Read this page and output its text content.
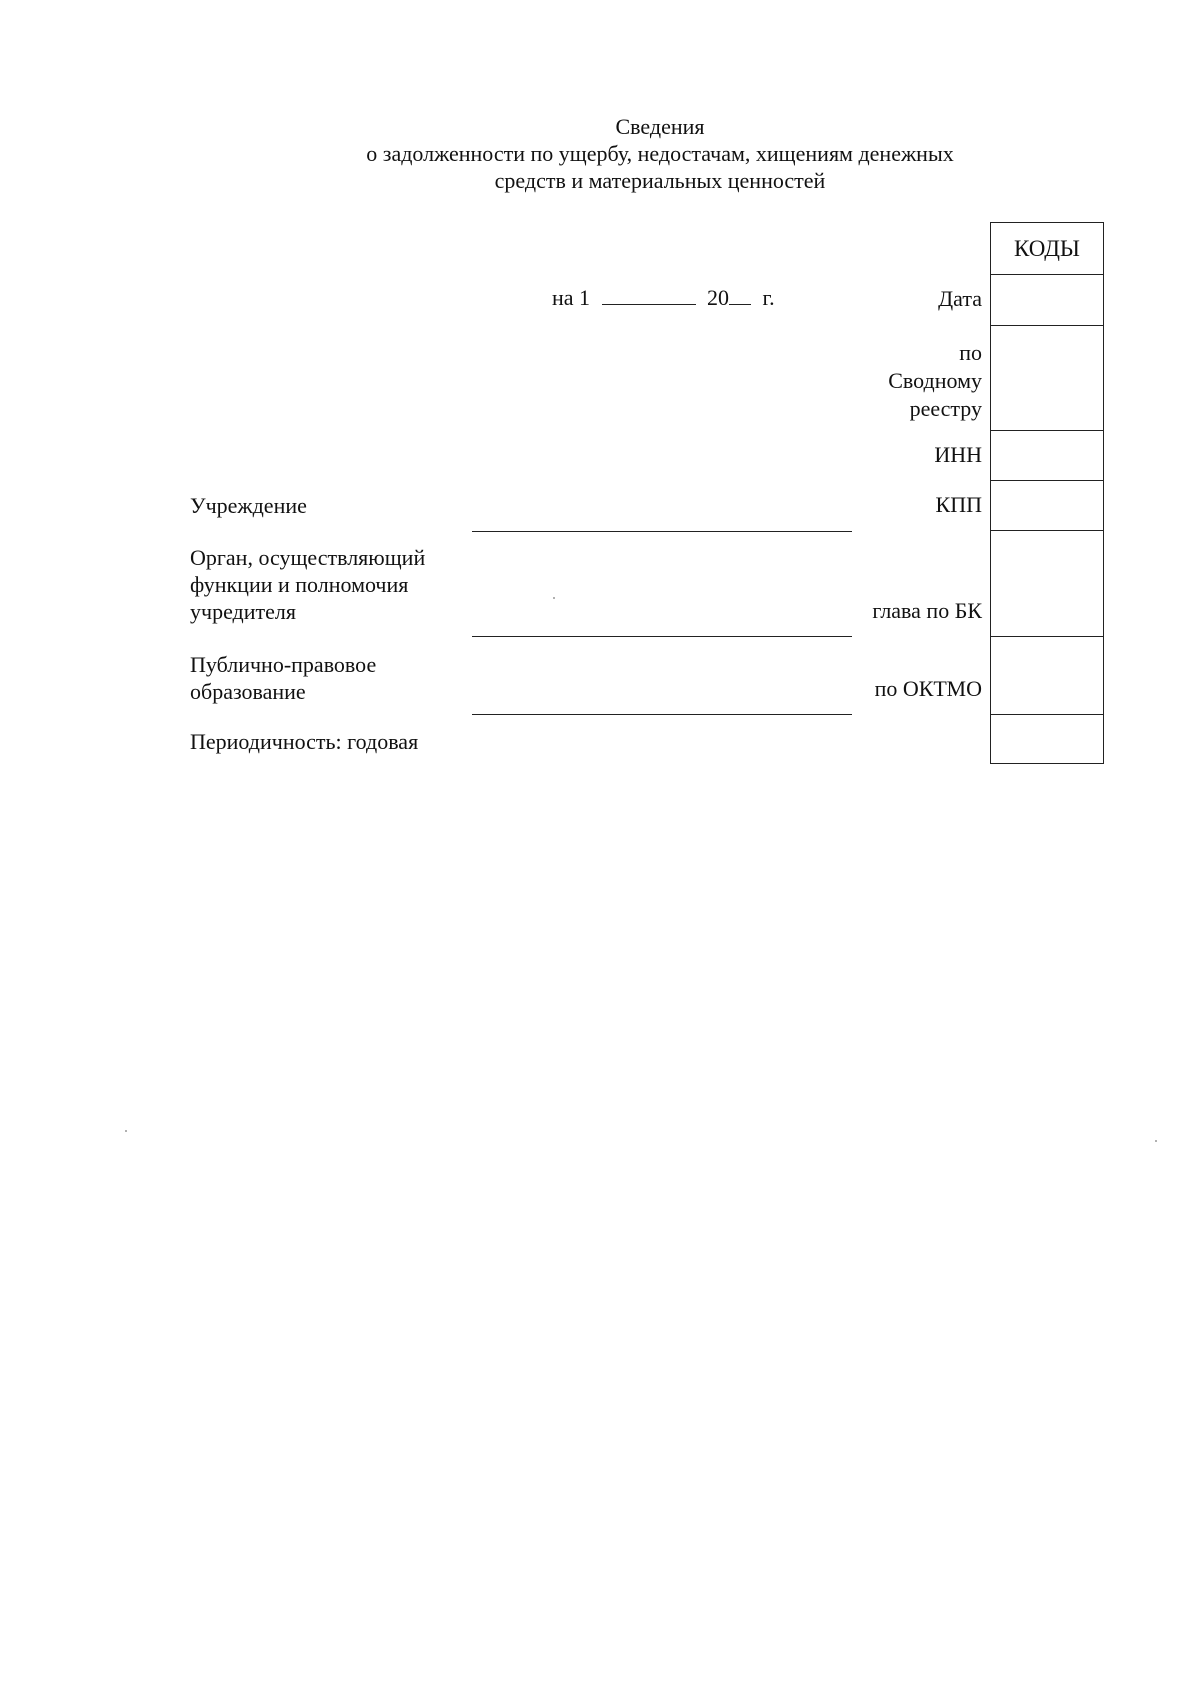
Сведения
о задолженности по ущербу, недостачам, хищениям денежных
средств и материальных ценностей
на 1	20 г.
КОДЫ
Дата
по
Сводному
реестру
ИНН
КПП
глава по БК
по ОКТМО
Учреждение
Орган, осуществляющий
функции и полномочия
учредителя
Публично-правовое
образование
Периодичность: годовая
